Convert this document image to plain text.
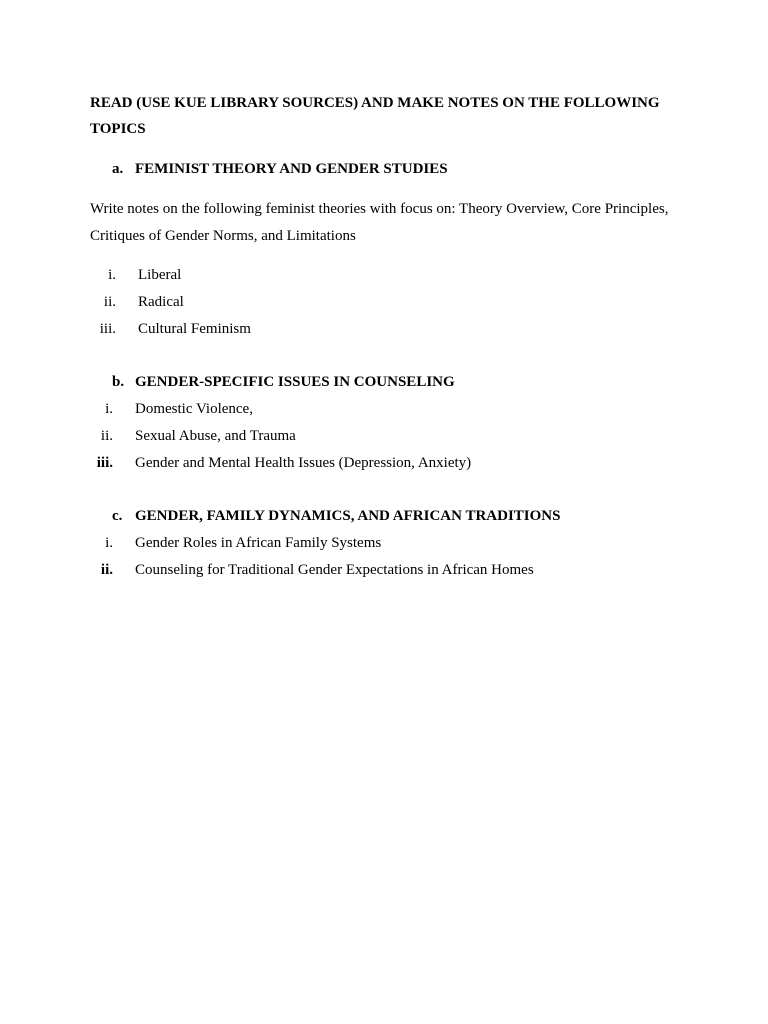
READ (USE KUE LIBRARY SOURCES) AND MAKE NOTES ON THE FOLLOWING
TOPICS
a. FEMINIST THEORY AND GENDER STUDIES
Write notes on the following feminist theories with focus on: Theory Overview, Core Principles,
Critiques of Gender Norms, and Limitations
i. Liberal
ii. Radical
iii. Cultural Feminism
b. GENDER-SPECIFIC ISSUES IN COUNSELING
i. Domestic Violence,
ii. Sexual Abuse, and Trauma
iii. Gender and Mental Health Issues (Depression, Anxiety)
c. GENDER, FAMILY DYNAMICS, AND AFRICAN TRADITIONS
i. Gender Roles in African Family Systems
ii. Counseling for Traditional Gender Expectations in African Homes
